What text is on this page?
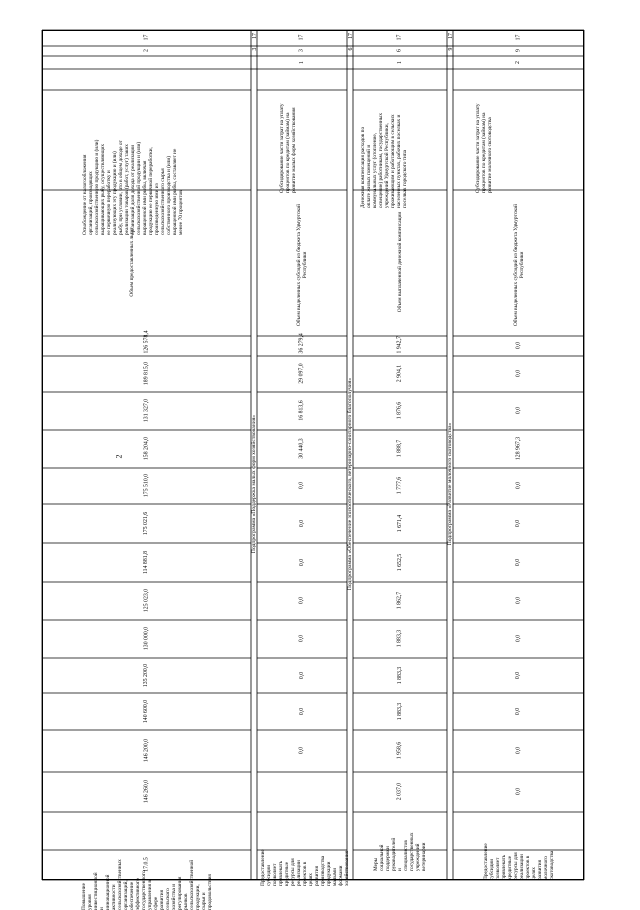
2
17
2
Освобождение от налогообложения организаций, производящих сельскохозяйственную продукцию и (или) выращивающих рыбу, осуществляющих ее первичную переработку и реализующих эту продукцию и (или) рыбу, при условии, что в общем доходе от реализации товаров (работ, услуг) таких организаций доля дохода от реализации сельскохозяйственной продукции и (или) выращенной ими рыбы, включая продукцию ее первичной переработки, произведенную ими из сельскохозяйственного сырья собственного производства и (или) выращенной ими рыбы, составляет не менее 70 процентов
Объем предоставленных льгот
126 578,4
189 815,0
131 327,0
158 204,0
175 510,0
175 021,6
114 881,8
125 023,0
130 000,0
135 200,0
140 600,0
146 200,0
146 260,0
Повышение уровня инвестиционной и инновационной активности сельскохозяйственных организаций, обеспечение эффективного государственного управления в сфере развития сельского хозяйства и регулирования рынков сельскохозяйственной продукции, сырья и продовольствия
17.0.5
17
3
Подпрограмма «Поддержка малых форм хозяйствования»
17
3
1
Субсидирование части затрат на уплату процентов по кредитам (займам) на развитие малых форм хозяйствования
Объем выделенных субсидий из бюджета Удмуртской Республики
36 279,4
29 097,0
16 813,6
30 440,3
0,0
0,0
0,0
0,0
0,0
0,0
0,0
0,0
Предоставление субсидии позволяет привлекать кредитные ресурсы для реализации проектов в целях развития производства продукции малыми формами хозяйствования
17
6
Подпрограмма «Обеспечение эпизоотического, ветеринарно-санитарного благополучия»
17
6
1
Денежная компенсация расходов по оплате жилых помещений и коммунальных услуг (отопление, освещение) работникам, государственных учреждений Удмуртской Республики, проживающим и работающим в сельских населенных пунктах, рабочих поселках и поселках городского типа
Объем выплаченной денежной компенсации
1 942,7
2 904,1
1 876,6
1 888,7
1 777,6
1 671,4
1 652,5
1 862,7
1 883,3
1 883,3
1 883,3
1 958,6
2 037,0
Меры социальной поддержки руководителей и специалистов государственных учреждений ветеринарии
17
9
Подпрограмма «Развитие молочного скотоводства»
17
9
2
Субсидирование части затрат на уплату процентов по кредитам (займам) на развитие молочного скотоводства
Объем выделенных субсидий из бюджета Удмуртской Республики
0,0
0,0
0,0
128 967,3
0,0
0,0
0,0
0,0
0,0
0,0
0,0
0,0
0,0
Предоставление субсидии позволяет привлекать кредитные ресурсы для реализации проектов в целях развития молочного скотоводства
